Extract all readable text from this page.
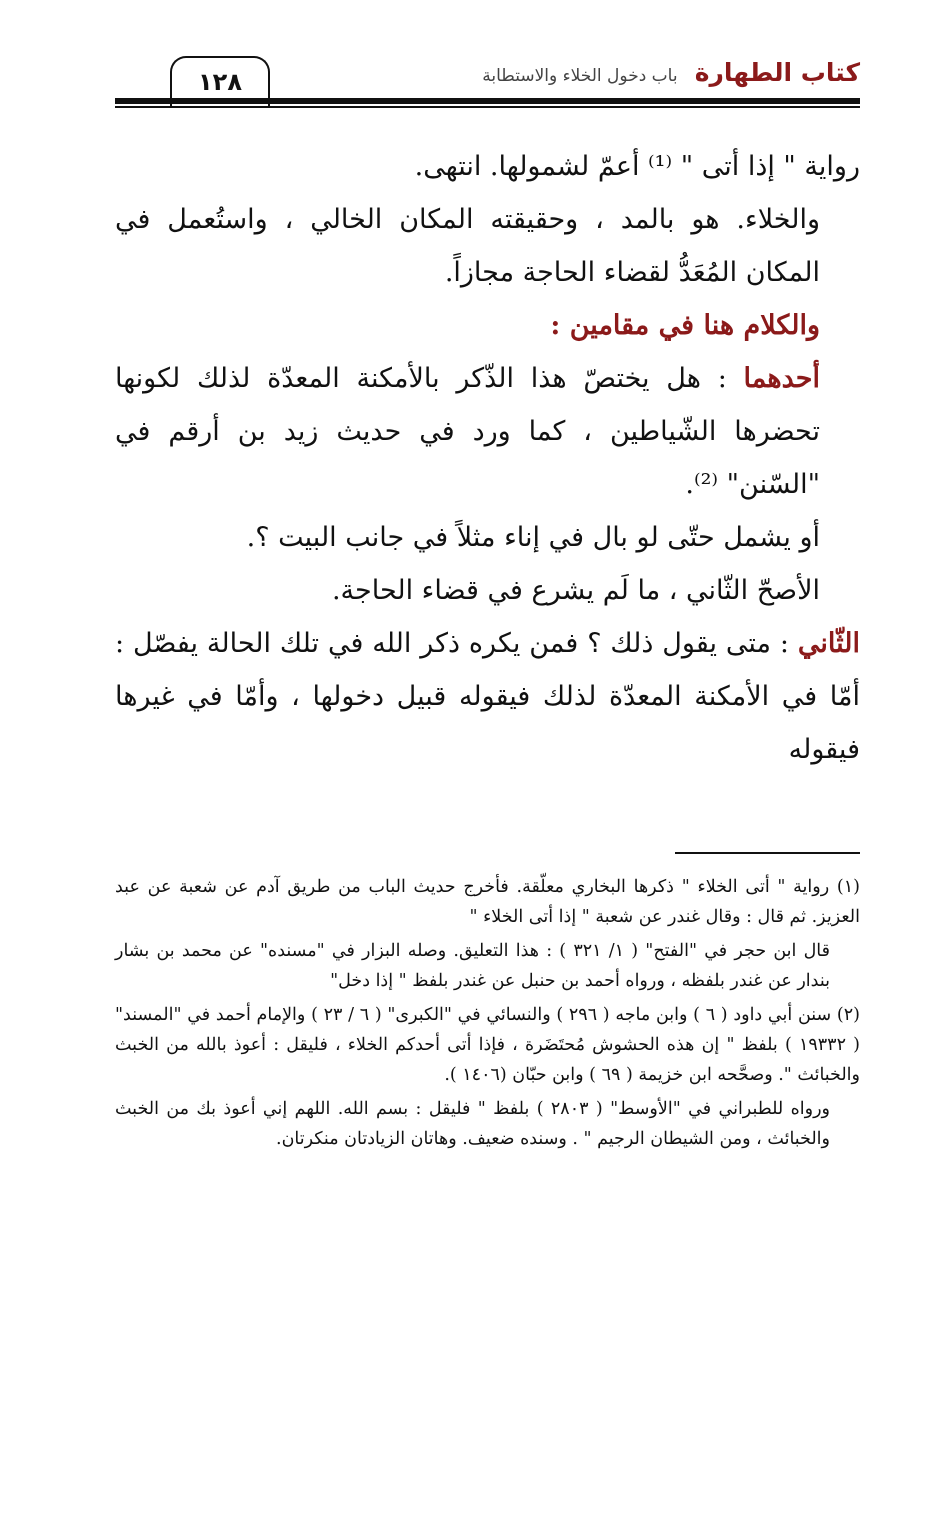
١٢٨	كتاب الطهارة باب دخول الخلاء والاستطابة

رواية " إذا أتى " ⁽¹⁾ أعمّ لشمولها. انتهى.

والخلاء. هو بالمد ، وحقيقته المكان الخالي ، واستُعمل في المكان المُعَدُّ لقضاء الحاجة مجازاً.

والكلام هنا في مقامين :

أحدهما : هل يختصّ هذا الذّكر بالأمكنة المعدّة لذلك لكونها تحضرها الشّياطين ، كما ورد في حديث زيد بن أرقم في "السّنن" ⁽²⁾.

أو يشمل حتّى لو بال في إناء مثلاً في جانب البيت ؟.

الأصحّ الثّاني ، ما لَم يشرع في قضاء الحاجة.

الثّاني : متى يقول ذلك ؟ فمن يكره ذكر الله في تلك الحالة يفصّل : أمّا في الأمكنة المعدّة لذلك فيقوله قبيل دخولها ، وأمّا في غيرها فيقوله

(١) رواية " أتى الخلاء " ذكرها البخاري معلّقة. فأخرج حديث الباب من طريق آدم عن شعبة عن عبد العزيز. ثم قال : وقال غندر عن شعبة " إذا أتى الخلاء "

قال ابن حجر في "الفتح" ( ١/ ٣٢١ ) : هذا التعليق. وصله البزار في "مسنده" عن محمد بن بشار بندار عن غندر بلفظه ، ورواه أحمد بن حنبل عن غندر بلفظ " إذا دخل"

(٢) سنن أبي داود ( ٦ ) وابن ماجه ( ٢٩٦ ) والنسائي في "الكبرى" ( ٦ / ٢٣ ) والإمام أحمد في "المسند" ( ١٩٣٣٢ ) بلفظ " إن هذه الحشوش مُحتَضَرة ، فإذا أتى أحدكم الخلاء ، فليقل : أعوذ بالله من الخبث والخبائث ". وصحَّحه ابن خزيمة ( ٦٩ ) وابن حبّان (١٤٠٦ ).

ورواه للطبراني في "الأوسط" ( ٢٨٠٣ ) بلفظ " فليقل : بسم الله. اللهم إني أعوذ بك من الخبث والخبائث ، ومن الشيطان الرجيم " . وسنده ضعيف. وهاتان الزيادتان منكرتان.
